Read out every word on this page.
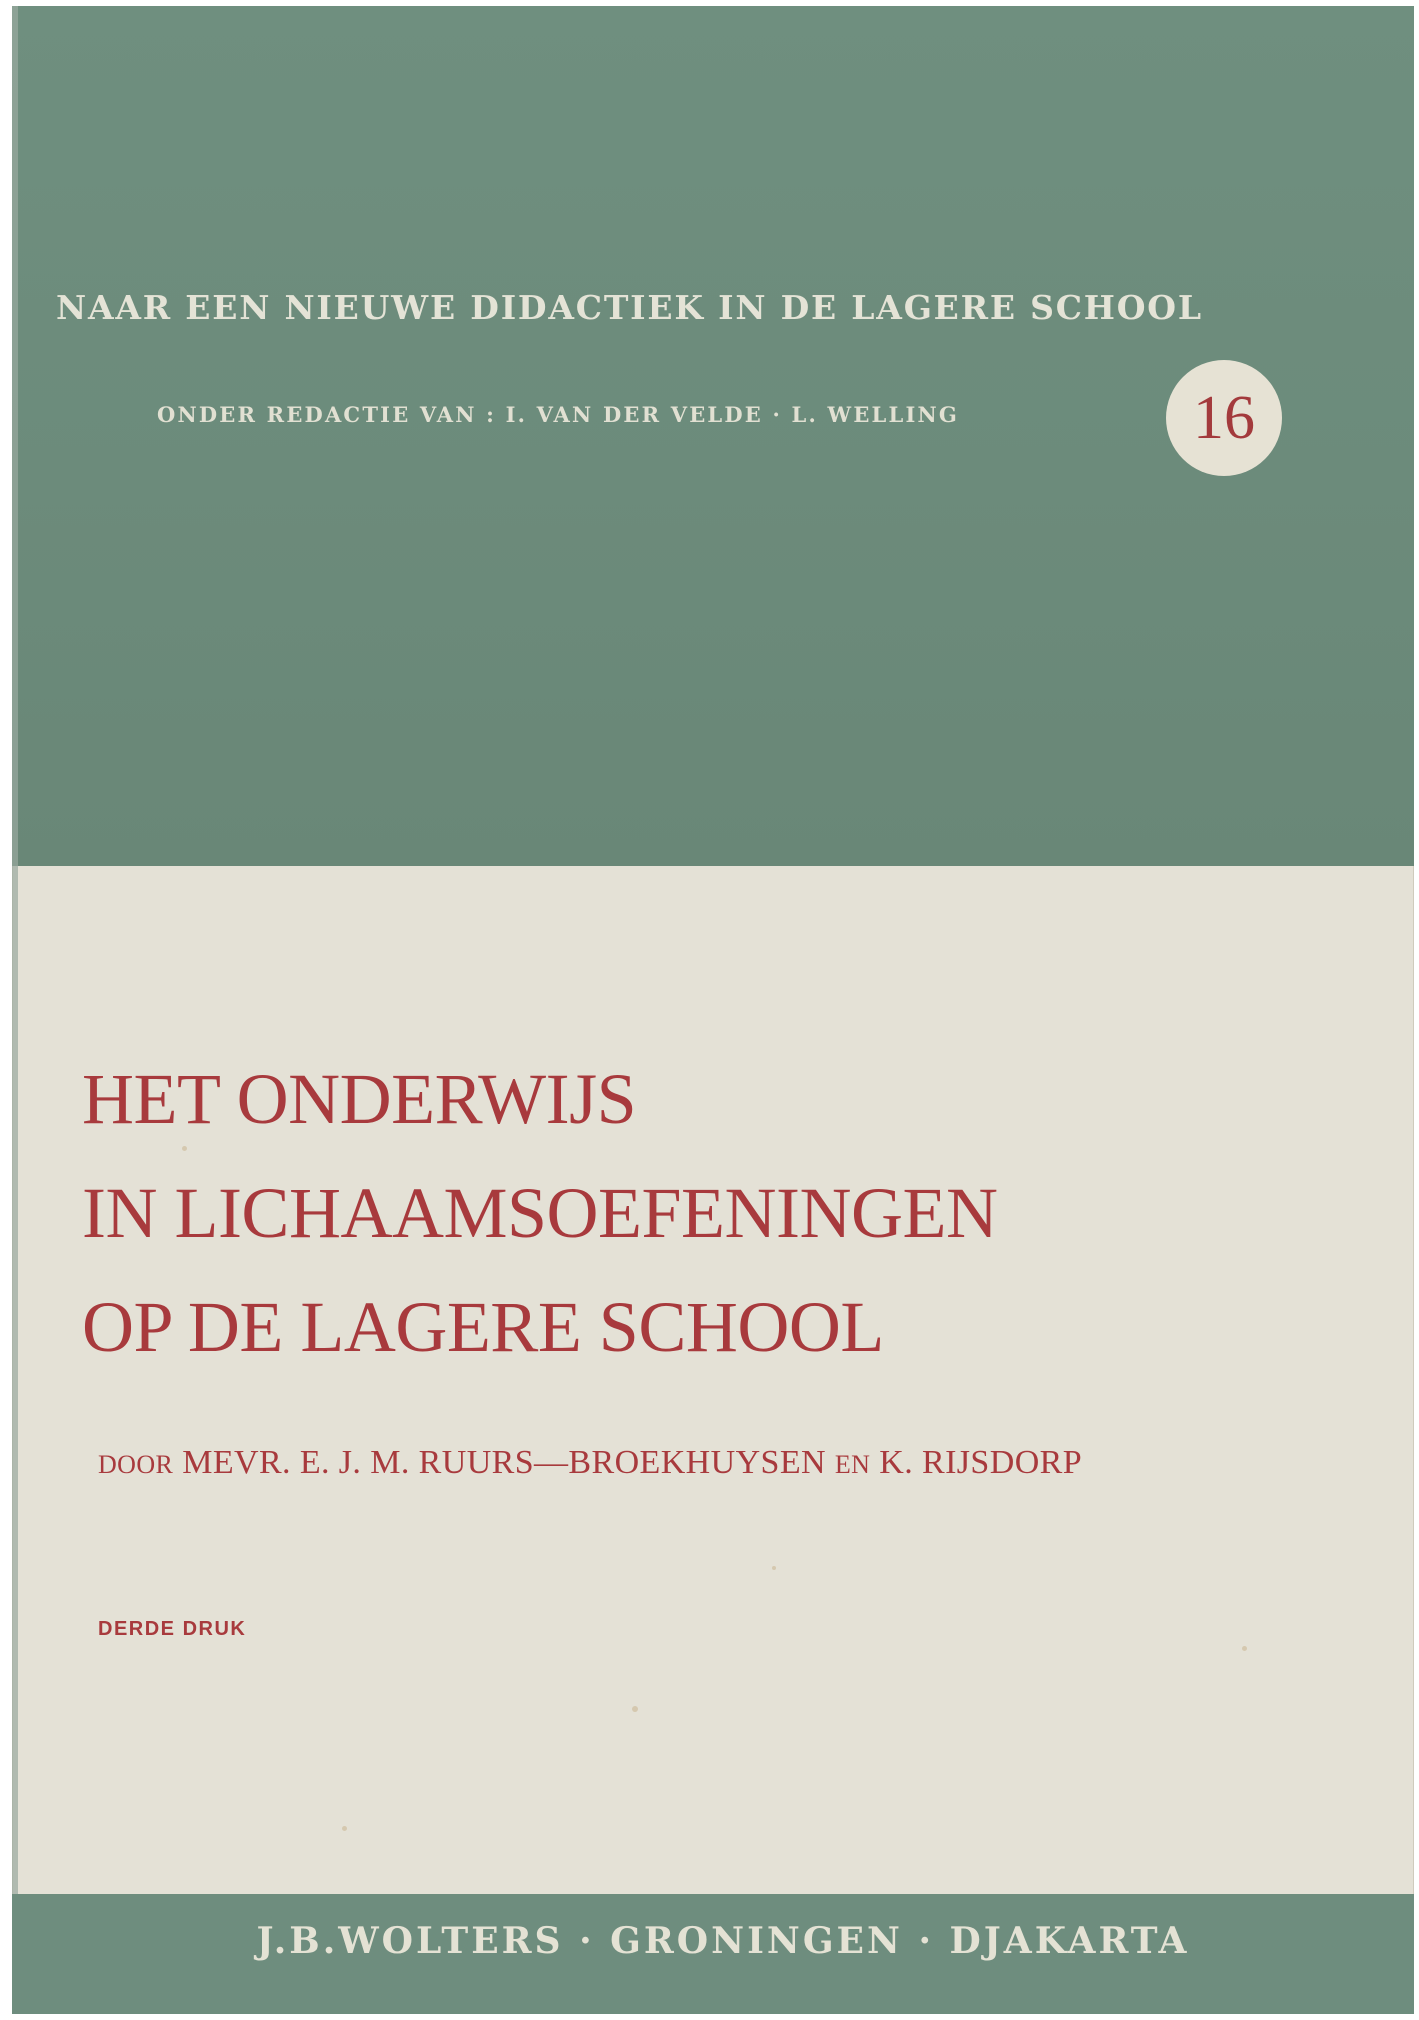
NAAR EEN NIEUWE DIDACTIEK IN DE LAGERE SCHOOL
ONDER REDACTIE VAN : I. VAN DER VELDE · L. WELLING	16
HET ONDERWIJS
IN LICHAAMSOEFENINGEN
OP DE LAGERE SCHOOL
DOOR MEVR. E. J. M. RUURS—BROEKHUYSEN EN K. RIJSDORP
DERDE DRUK
J.B.WOLTERS · GRONINGEN · DJAKARTA
